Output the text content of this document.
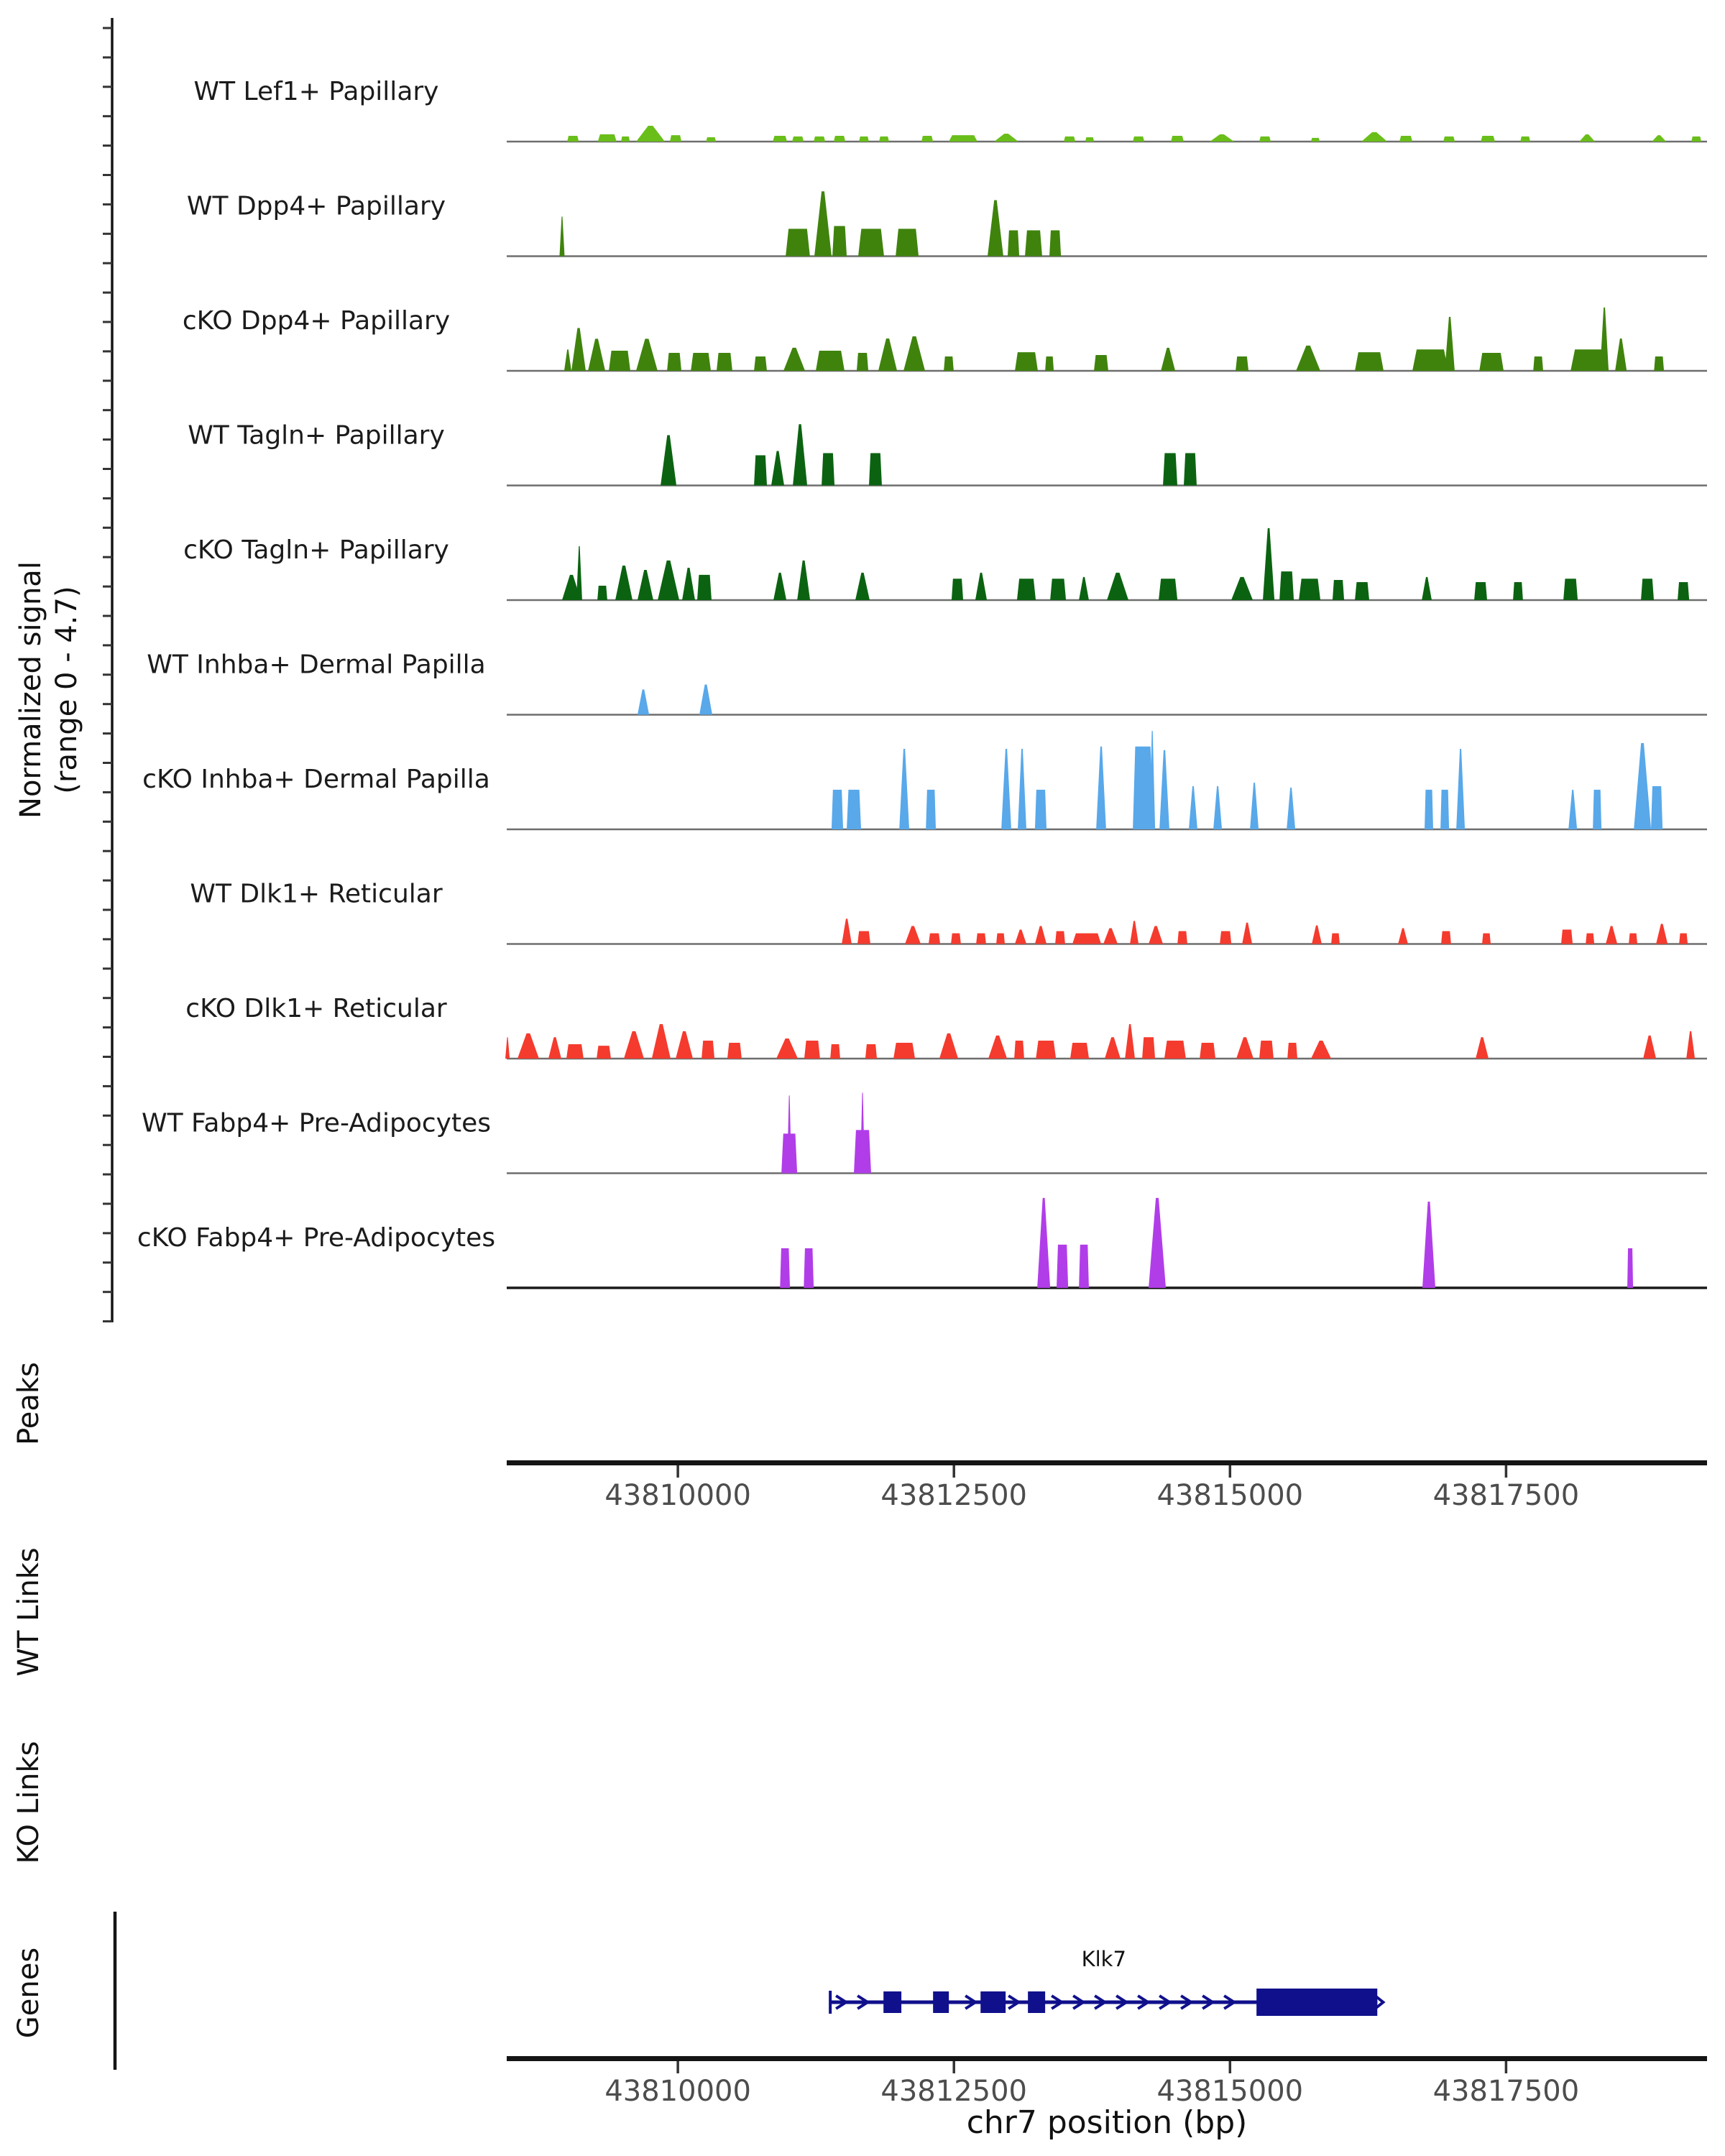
Normalized signal (range 0 - 4.7)
Peaks
WT Links
KO Links
Genes
chr7 position (bp)
WT Lef1+ Papillary
WT Dpp4+ Papillary
cKO Dpp4+ Papillary
WT Tagln+ Papillary
cKO Tagln+ Papillary
WT Inhba+ Dermal Papilla
cKO Inhba+ Dermal Papilla
WT Dlk1+ Reticular
cKO Dlk1+ Reticular
WT Fabp4+ Pre-Adipocytes
cKO Fabp4+ Pre-Adipocytes
43810000	43812500	43815000	43817500
Klk7
43810000	43812500	43815000	43817500
